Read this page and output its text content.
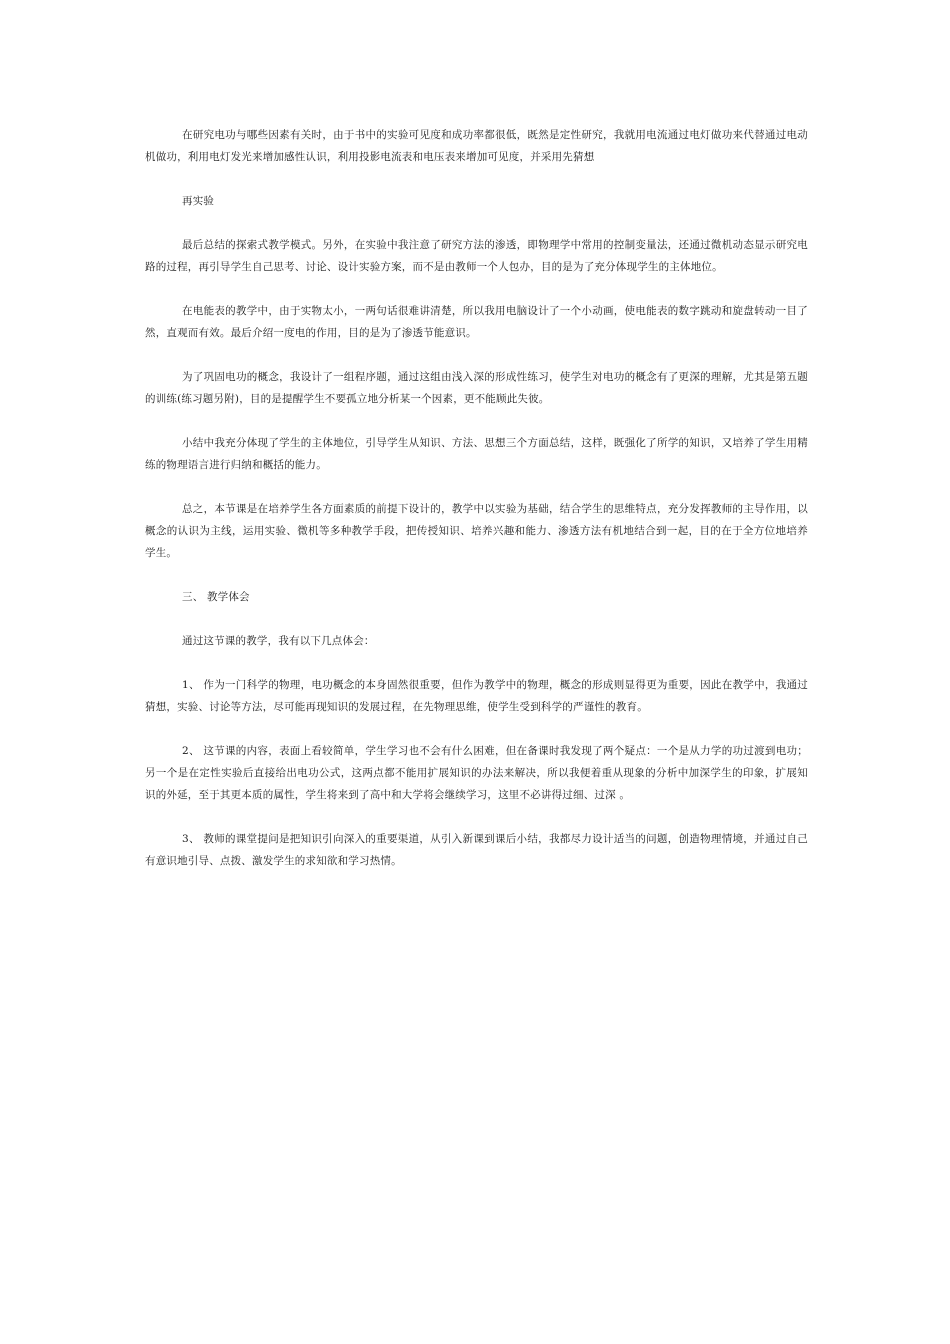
在研究电功与哪些因素有关时，由于书中的实验可见度和成功率都很低，既然是定性研究，我就用电流通过电灯做功来代替通过电动机做功，利用电灯发光来增加感性认识，利用投影电流表和电压表来增加可见度，并采用先猜想

再实验

最后总结的探索式教学模式。另外，在实验中我注意了研究方法的渗透，即物理学中常用的控制变量法，还通过微机动态显示研究电路的过程，再引导学生自己思考、讨论、设计实验方案，而不是由教师一个人包办，目的是为了充分体现学生的主体地位。

在电能表的教学中，由于实物太小，一两句话很难讲清楚，所以我用电脑设计了一个小动画，使电能表的数字跳动和旋盘转动一目了然，直观而有效。最后介绍一度电的作用，目的是为了渗透节能意识。

为了巩固电功的概念，我设计了一组程序题，通过这组由浅入深的形成性练习，使学生对电功的概念有了更深的理解，尤其是第五题的训练(练习题另附)，目的是提醒学生不要孤立地分析某一个因素，更不能顾此失彼。

小结中我充分体现了学生的主体地位，引导学生从知识、方法、思想三个方面总结，这样，既强化了所学的知识，又培养了学生用精练的物理语言进行归纳和概括的能力。

总之，本节课是在培养学生各方面素质的前提下设计的，教学中以实验为基础，结合学生的思维特点，充分发挥教师的主导作用，以概念的认识为主线，运用实验、微机等多种教学手段，把传授知识、培养兴趣和能力、渗透方法有机地结合到一起，目的在于全方位地培养学生。

三、 教学体会

通过这节课的教学，我有以下几点体会：

1、 作为一门科学的物理，电功概念的本身固然很重要，但作为教学中的物理，概念的形成则显得更为重要，因此在教学中，我通过猜想，实验、讨论等方法，尽可能再现知识的发展过程，在先物理思维，使学生受到科学的严谨性的教育。

2、 这节课的内容，表面上看较简单，学生学习也不会有什么困难，但在备课时我发现了两个疑点：一个是从力学的功过渡到电功；另一个是在定性实验后直接给出电功公式，这两点都不能用扩展知识的办法来解决，所以我便着重从现象的分析中加深学生的印象，扩展知识的外延，至于其更本质的属性，学生将来到了高中和大学将会继续学习，这里不必讲得过细、过深 。

3、 教师的课堂提问是把知识引向深入的重要渠道，从引入新课到课后小结，我都尽力设计适当的问题，创造物理情境，并通过自己有意识地引导、点拨、激发学生的求知欲和学习热情。
